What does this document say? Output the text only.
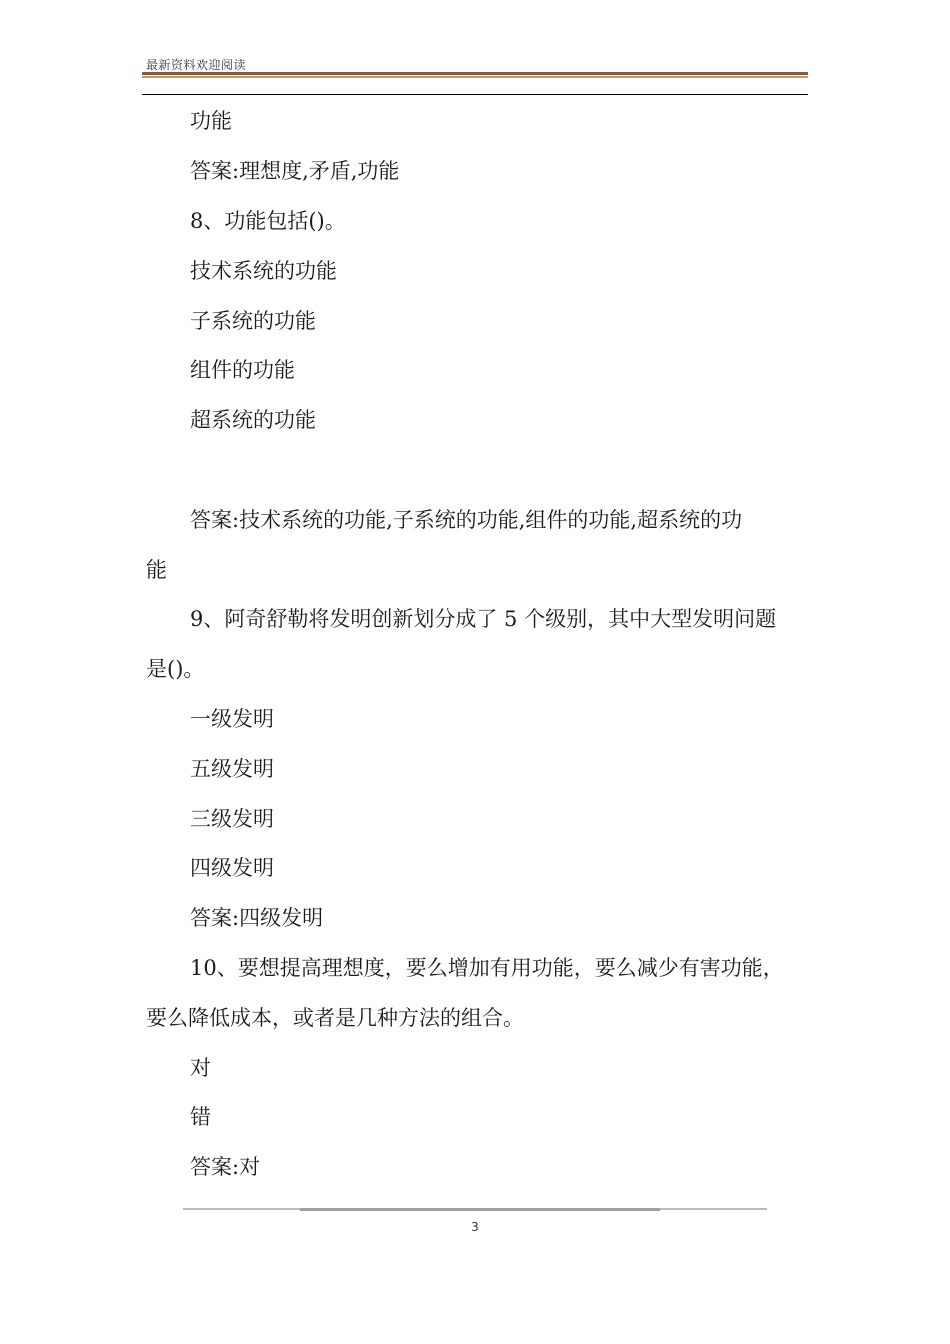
最新资料欢迎阅读
功能
答案:理想度,矛盾,功能
8、功能包括()。
技术系统的功能
子系统的功能
组件的功能
超系统的功能
答案:技术系统的功能,子系统的功能,组件的功能,超系统的功
能
9、阿奇舒勒将发明创新划分成了 5 个级别，其中大型发明问题
是()。
一级发明
五级发明
三级发明
四级发明
答案:四级发明
10、要想提高理想度，要么增加有用功能，要么减少有害功能，
要么降低成本，或者是几种方法的组合。
对
错
答案:对
3
